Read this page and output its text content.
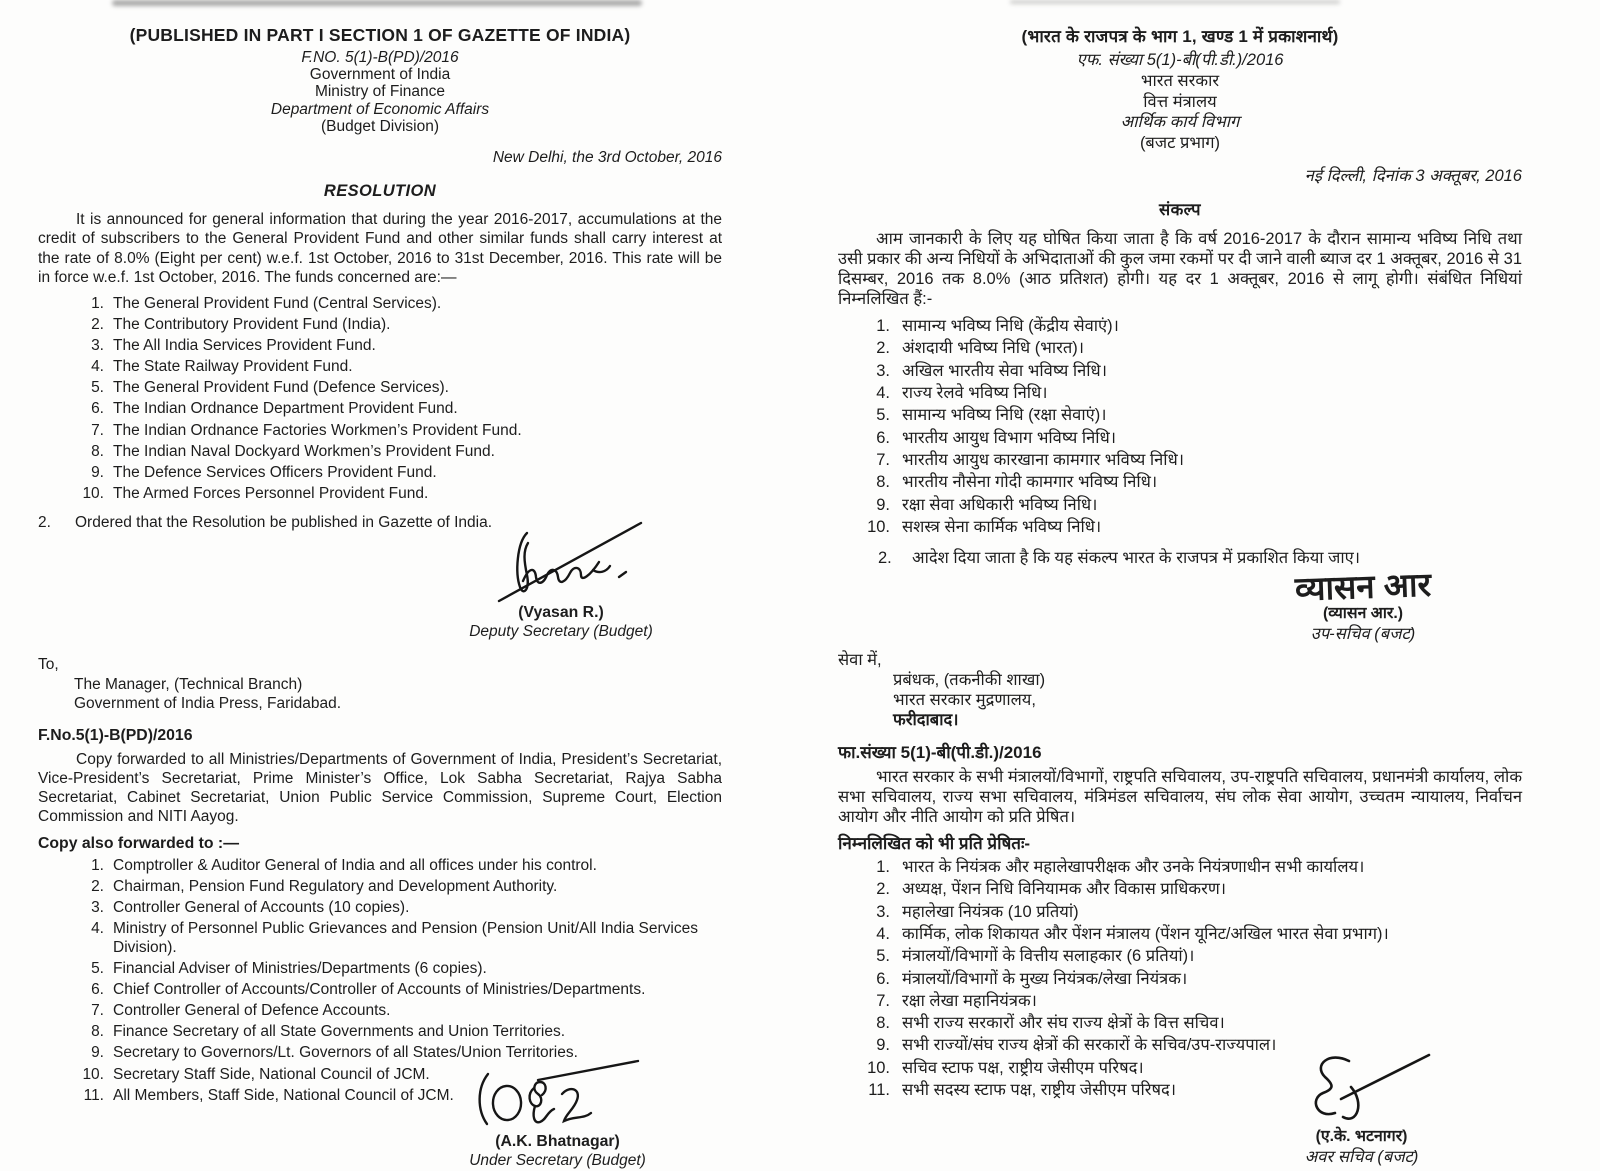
(PUBLISHED IN PART I SECTION 1 OF GAZETTE OF INDIA)
F.NO. 5(1)-B(PD)/2016
Government of India
Ministry of Finance
Department of Economic Affairs
(Budget Division)
New Delhi, the 3rd October, 2016
RESOLUTION

It is announced for general information that during the year 2016-2017, accumulations at the credit of subscribers to the General Provident Fund and other similar funds shall carry interest at the rate of 8.0% (Eight per cent) w.e.f. 1st October, 2016 to 31st December, 2016. This rate will be in force w.e.f. 1st October, 2016. The funds concerned are:—

1. The General Provident Fund (Central Services).
2. The Contributory Provident Fund (India).
3. The All India Services Provident Fund.
4. The State Railway Provident Fund.
5. The General Provident Fund (Defence Services).
6. The Indian Ordnance Department Provident Fund.
7. The Indian Ordnance Factories Workmen’s Provident Fund.
8. The Indian Naval Dockyard Workmen’s Provident Fund.
9. The Defence Services Officers Provident Fund.
10. The Armed Forces Personnel Provident Fund.
2.	Ordered that the Resolution be published in Gazette of India.
(Vyasan R.)
Deputy Secretary (Budget)
To,
The Manager, (Technical Branch)
Government of India Press, Faridabad.
F.No.5(1)-B(PD)/2016

Copy forwarded to all Ministries/Departments of Government of India, President’s Secretariat, Vice-President’s Secretariat, Prime Minister’s Office, Lok Sabha Secretariat, Rajya Sabha Secretariat, Cabinet Secretariat, Union Public Service Commission, Supreme Court, Election Commission and NITI Aayog.

Copy also forwarded to :—
1. Comptroller & Auditor General of India and all offices under his control.
2. Chairman, Pension Fund Regulatory and Development Authority.
3. Controller General of Accounts (10 copies).
4. Ministry of Personnel Public Grievances and Pension (Pension Unit/All India Services Division).
5. Financial Adviser of Ministries/Departments (6 copies).
6. Chief Controller of Accounts/Controller of Accounts of Ministries/Departments.
7. Controller General of Defence Accounts.
8. Finance Secretary of all State Governments and Union Territories.
9. Secretary to Governors/Lt. Governors of all States/Union Territories.
10. Secretary Staff Side, National Council of JCM.
11. All Members, Staff Side, National Council of JCM.
(A.K. Bhatnagar)
Under Secretary (Budget)
(भारत के राजपत्र के भाग 1, खण्ड 1 में प्रकाशनार्थ)
एफ. संख्या 5(1)-बी(पी.डी.)/2016
भारत सरकार
वित्त मंत्रालय
आर्थिक कार्य विभाग
(बजट प्रभाग)
नई दिल्ली, दिनांक 3 अक्तूबर, 2016
संकल्प

आम जानकारी के लिए यह घोषित किया जाता है कि वर्ष 2016-2017 के दौरान सामान्य भविष्य निधि तथा उसी प्रकार की अन्य निधियों के अभिदाताओं की कुल जमा रकमों पर दी जाने वाली ब्याज दर 1 अक्तूबर, 2016 से 31 दिसम्बर, 2016 तक 8.0% (आठ प्रतिशत) होगी। यह दर 1 अक्तूबर, 2016 से लागू होगी। संबंधित निधियां निम्नलिखित हैं:-

1. सामान्य भविष्य निधि (केंद्रीय सेवाएं)।
2. अंशदायी भविष्य निधि (भारत)।
3. अखिल भारतीय सेवा भविष्य निधि।
4. राज्य रेलवे भविष्य निधि।
5. सामान्य भविष्य निधि (रक्षा सेवाएं)।
6. भारतीय आयुध विभाग भविष्य निधि।
7. भारतीय आयुध कारखाना कामगार भविष्य निधि।
8. भारतीय नौसेना गोदी कामगार भविष्य निधि।
9. रक्षा सेवा अधिकारी भविष्य निधि।
10. सशस्त्र सेना कार्मिक भविष्य निधि।
2.	आदेश दिया जाता है कि यह संकल्प भारत के राजपत्र में प्रकाशित किया जाए।
व्यासन आर
(व्यासन आर.)
उप-सचिव (बजट)
सेवा में,
प्रबंधक, (तकनीकी शाखा)
भारत सरकार मुद्रणालय,
फरीदाबाद।
फा.संख्या 5(1)-बी(पी.डी.)/2016

भारत सरकार के सभी मंत्रालयों/विभागों, राष्ट्रपति सचिवालय, उप-राष्ट्रपति सचिवालय, प्रधानमंत्री कार्यालय, लोक सभा सचिवालय, राज्य सभा सचिवालय, मंत्रिमंडल सचिवालय, संघ लोक सेवा आयोग, उच्चतम न्यायालय, निर्वाचन आयोग और नीति आयोग को प्रति प्रेषित।

निम्नलिखित को भी प्रति प्रेषितः-
1. भारत के नियंत्रक और महालेखापरीक्षक और उनके नियंत्रणाधीन सभी कार्यालय।
2. अध्यक्ष, पेंशन निधि विनियामक और विकास प्राधिकरण।
3. महालेखा नियंत्रक (10 प्रतियां)
4. कार्मिक, लोक शिकायत और पेंशन मंत्रालय (पेंशन यूनिट/अखिल भारत सेवा प्रभाग)।
5. मंत्रालयों/विभागों के वित्तीय सलाहकार (6 प्रतियां)।
6. मंत्रालयों/विभागों के मुख्य नियंत्रक/लेखा नियंत्रक।
7. रक्षा लेखा महानियंत्रक।
8. सभी राज्य सरकारों और संघ राज्य क्षेत्रों के वित्त सचिव।
9. सभी राज्यों/संघ राज्य क्षेत्रों की सरकारों के सचिव/उप-राज्यपाल।
10. सचिव स्टाफ पक्ष, राष्ट्रीय जेसीएम परिषद।
11. सभी सदस्य स्टाफ पक्ष, राष्ट्रीय जेसीएम परिषद।
(ए.के. भटनागर)
अवर सचिव (बजट)
